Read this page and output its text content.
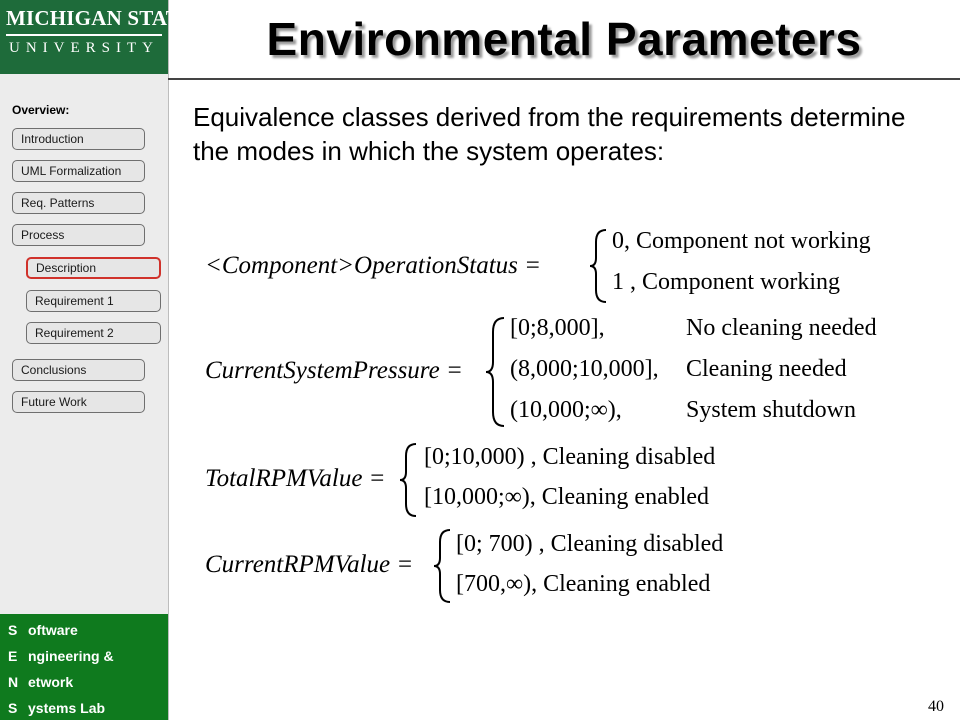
MICHIGAN STATE
UNIVERSITY
Overview:
Introduction
UML Formalization
Req. Patterns
Process
Description
Requirement 1
Requirement 2
Conclusions
Future Work
S oftware
E ngineering &
N etwork
S ystems Lab
Environmental Parameters
Equivalence classes derived from the requirements determine the modes in which the system operates:
<Component>OperationStatus =
0, Component not working
1 , Component working
CurrentSystemPressure =
[0;8,000],	No cleaning needed
(8,000;10,000], Cleaning needed
(10,000;∞),	System shutdown
TotalRPMValue =
[0;10,000) , Cleaning disabled
[10,000;∞), Cleaning enabled
CurrentRPMValue =
[0; 700) , Cleaning disabled
[700,∞), Cleaning enabled
40
